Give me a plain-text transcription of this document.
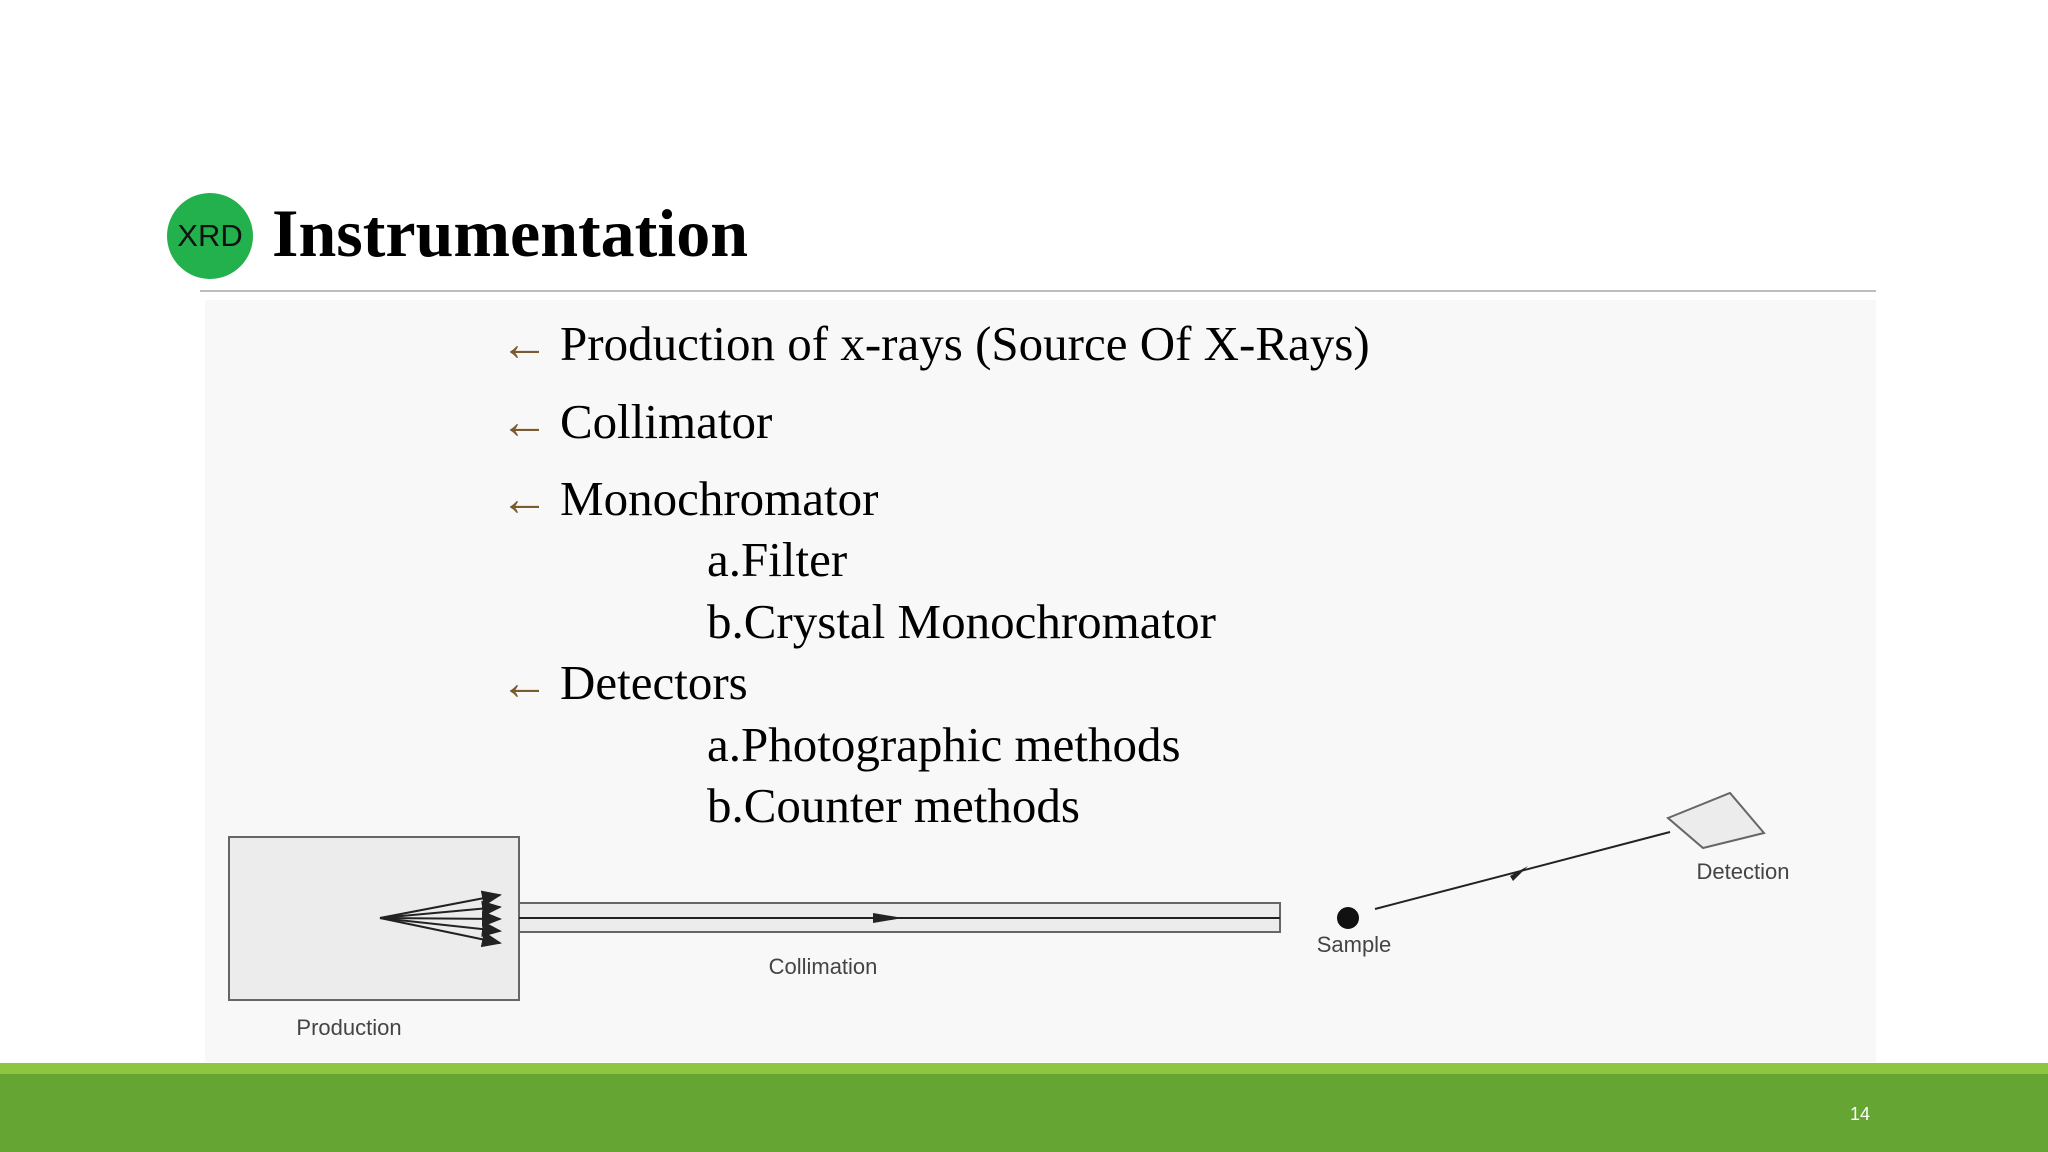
XRD Instrumentation
← Production of x-rays (Source Of X-Rays)
← Collimator
← Monochromator
a.Filter
b.Crystal Monochromator
← Detectors
a.Photographic methods
b.Counter methods
Production
Collimation
Sample
Detection
14
